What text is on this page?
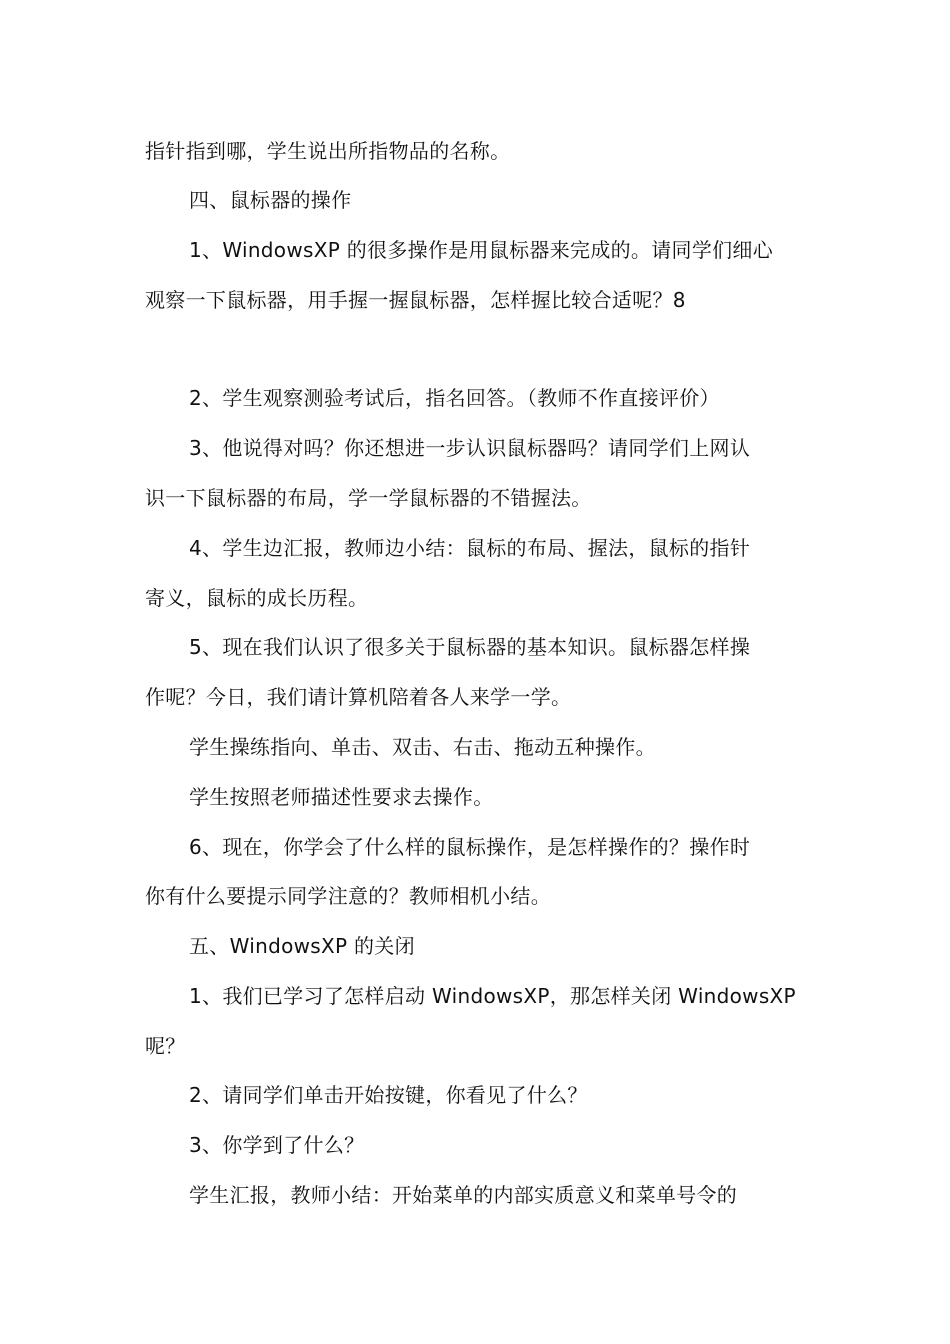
指针指到哪，学生说出所指物品的名称。
四、鼠标器的操作
1、WindowsXP 的很多操作是用鼠标器来完成的。请同学们细心
观察一下鼠标器，用手握一握鼠标器，怎样握比较合适呢？8
2、学生观察测验考试后，指名回答。（教师不作直接评价）
3、他说得对吗？你还想进一步认识鼠标器吗？请同学们上网认
识一下鼠标器的布局，学一学鼠标器的不错握法。
4、学生边汇报，教师边小结：鼠标的布局、握法，鼠标的指针
寄义，鼠标的成长历程。
5、现在我们认识了很多关于鼠标器的基本知识。鼠标器怎样操
作呢？今日，我们请计算机陪着各人来学一学。
学生操练指向、单击、双击、右击、拖动五种操作。
学生按照老师描述性要求去操作。
6、现在，你学会了什么样的鼠标操作，是怎样操作的？操作时
你有什么要提示同学注意的？教师相机小结。
五、WindowsXP 的关闭
1、我们已学习了怎样启动 WindowsXP，那怎样关闭 WindowsXP
呢？
2、请同学们单击开始按键，你看见了什么？
3、你学到了什么？
学生汇报，教师小结：开始菜单的内部实质意义和菜单号令的
